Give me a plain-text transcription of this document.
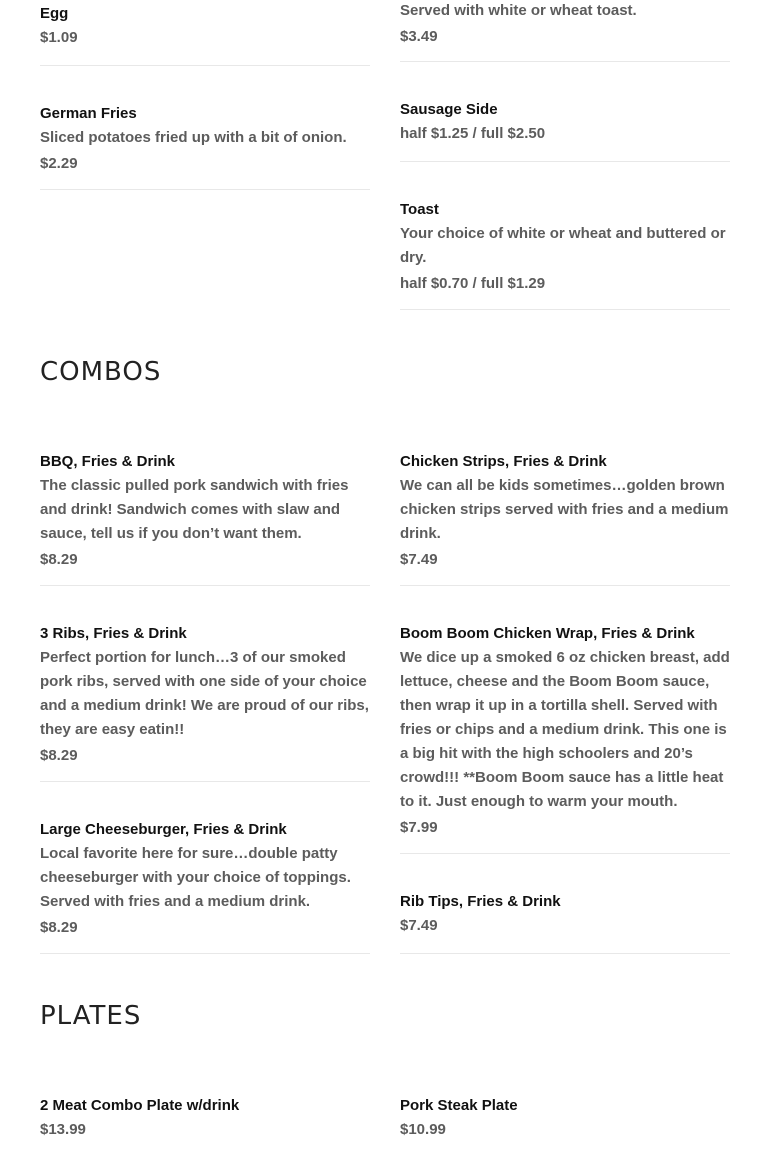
Egg
$1.09
German Fries
Sliced potatoes fried up with a bit of onion.
$2.29
Served with white or wheat toast.
$3.49
Sausage Side
half $1.25 / full $2.50
Toast
Your choice of white or wheat and buttered or dry.
half $0.70 / full $1.29
COMBOS
BBQ, Fries & Drink
The classic pulled pork sandwich with fries and drink! Sandwich comes with slaw and sauce, tell us if you don’t want them.
$8.29
3 Ribs, Fries & Drink
Perfect portion for lunch…3 of our smoked pork ribs, served with one side of your choice and a medium drink! We are proud of our ribs, they are easy eatin!!
$8.29
Large Cheeseburger, Fries & Drink
Local favorite here for sure…double patty cheeseburger with your choice of toppings. Served with fries and a medium drink.
$8.29
Chicken Strips, Fries & Drink
We can all be kids sometimes…golden brown chicken strips served with fries and a medium drink.
$7.49
Boom Boom Chicken Wrap, Fries & Drink
We dice up a smoked 6 oz chicken breast, add lettuce, cheese and the Boom Boom sauce, then wrap it up in a tortilla shell. Served with fries or chips and a medium drink. This one is a big hit with the high schoolers and 20’s crowd!!! **Boom Boom sauce has a little heat to it. Just enough to warm your mouth.
$7.99
Rib Tips, Fries & Drink
$7.49
PLATES
2 Meat Combo Plate w/drink
$13.99
Pork Steak Plate
$10.99
